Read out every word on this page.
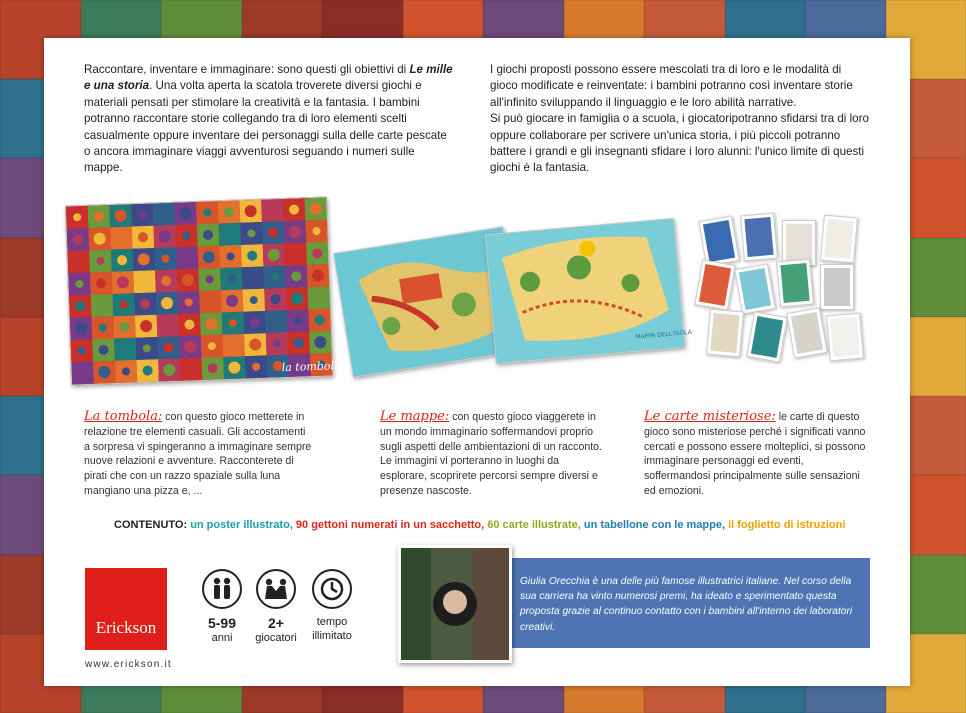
Raccontare, inventare e immaginare: sono questi gli obiettivi di Le mille e una storia. Una volta aperta la scatola troverete diversi giochi e materiali pensati per stimolare la creatività e la fantasia. I bambini potranno raccontare storie collegando tra di loro elementi scelti casualmente oppure inventare dei personaggi sulla delle carte pescate o ancora immaginare viaggi avventurosi seguando i numeri sulle mappe.
I giochi proposti possono essere mescolati tra di loro e le modalità di gioco modificate e reinventate: i bambini potranno così inventare storie all'infinito sviluppando il linguaggio e le loro abilità narrative.
Si può giocare in famiglia o a scuola, i giocatoripotranno sfidarsi tra di loro oppure collaborare per scrivere un'unica storia, i più piccoli potranno battere i grandi e gli insegnanti sfidare i loro alunni: l'unico limite di questi giochi è la fantasia.
la tombola
MAPPA DELL'ISOLA
La tombola: con questo gioco metterete in relazione tre elementi casuali. Gli accostamenti a sorpresa vi spingeranno a immaginare sempre nuove relazioni e avventure. Racconterete di pirati che con un razzo spaziale sulla luna mangiano una pizza e, ...
Le mappe: con questo gioco viaggerete in un mondo immaginario soffermandovi proprio sugli aspetti delle ambientazioni di un racconto. Le immagini vi porteranno in luoghi da esplorare, scoprirete percorsi sempre diversi e presenze nascoste.
Le carte misteriose: le carte di questo gioco sono misteriose perché i significati vanno cercati e possono essere molteplici, si possono immaginare personaggi ed eventi, soffermandosi principalmente sulle sensazioni ed emozioni.
CONTENUTO: un poster illustrato, 90 gettoni numerati in un sacchetto, 60 carte illustrate, un tabellone con le mappe, il foglietto di istruzioni
Erickson
www.erickson.it
5-99
anni
2+
giocatori
tempo illimitato

Giulia Orecchia è una delle più famose illustratrici italiane. Nel corso della sua carriera ha vinto numerosi premi, ha ideato e sperimentato questa proposta grazie al continuo contatto con i bambini all'interno dei laboratori creativi.
